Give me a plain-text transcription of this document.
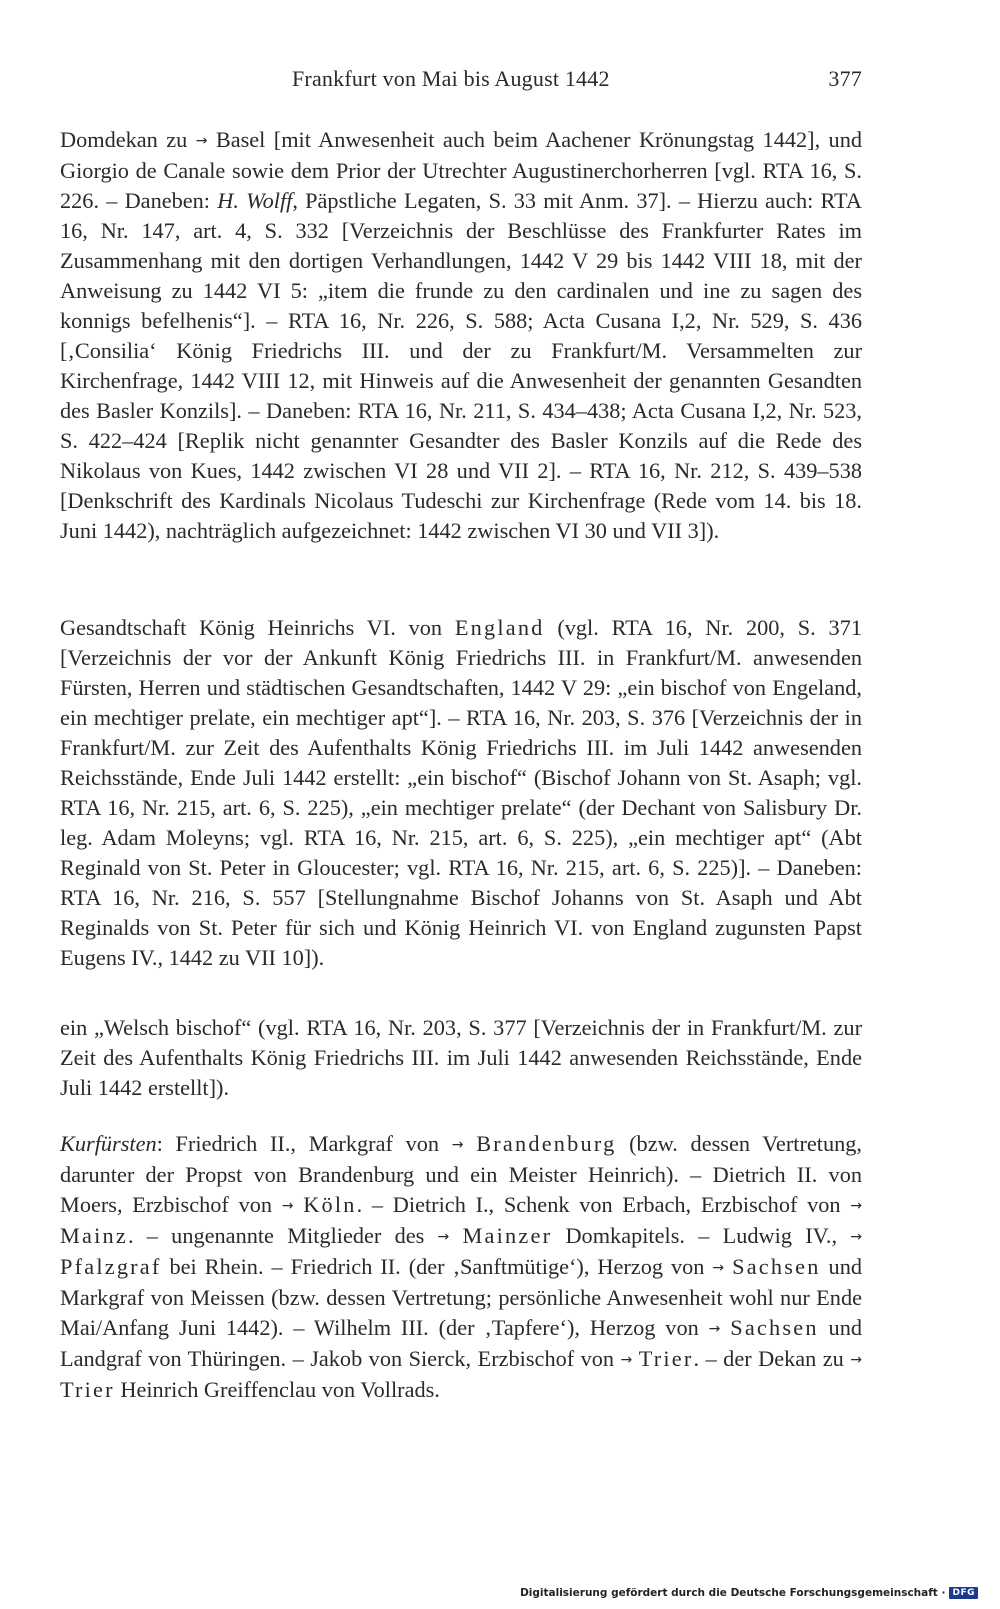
Frankfurt von Mai bis August 1442	377

Domdekan zu → Basel [mit Anwesenheit auch beim Aachener Krönungstag 1442], und Giorgio de Canale sowie dem Prior der Utrechter Augustinerchorherren [vgl. RTA 16, S. 226. – Daneben: H. Wolff, Päpstliche Legaten, S. 33 mit Anm. 37]. – Hierzu auch: RTA 16, Nr. 147, art. 4, S. 332 [Verzeichnis der Beschlüsse des Frankfurter Rates im Zusammenhang mit den dortigen Verhandlungen, 1442 V 29 bis 1442 VIII 18, mit der Anweisung zu 1442 VI 5: „item die frunde zu den cardinalen und ine zu sagen des konnigs befelhenis“]. – RTA 16, Nr. 226, S. 588; Acta Cusana I,2, Nr. 529, S. 436 [‚Consilia‘ König Friedrichs III. und der zu Frankfurt/M. Versammelten zur Kirchenfrage, 1442 VIII 12, mit Hinweis auf die Anwesenheit der genannten Gesandten des Basler Konzils]. – Daneben: RTA 16, Nr. 211, S. 434–438; Acta Cusana I,2, Nr. 523, S. 422–424 [Replik nicht genannter Gesandter des Basler Konzils auf die Rede des Nikolaus von Kues, 1442 zwischen VI 28 und VII 2]. – RTA 16, Nr. 212, S. 439–538 [Denkschrift des Kardinals Nicolaus Tudeschi zur Kirchenfrage (Rede vom 14. bis 18. Juni 1442), nachträglich aufgezeichnet: 1442 zwischen VI 30 und VII 3]).

Gesandtschaft König Heinrichs VI. von England (vgl. RTA 16, Nr. 200, S. 371 [Verzeichnis der vor der Ankunft König Friedrichs III. in Frankfurt/M. anwesenden Fürsten, Herren und städtischen Gesandtschaften, 1442 V 29: „ein bischof von Engeland, ein mechtiger prelate, ein mechtiger apt“]. – RTA 16, Nr. 203, S. 376 [Verzeichnis der in Frankfurt/M. zur Zeit des Aufenthalts König Friedrichs III. im Juli 1442 anwesenden Reichsstände, Ende Juli 1442 erstellt: „ein bischof“ (Bischof Johann von St. Asaph; vgl. RTA 16, Nr. 215, art. 6, S. 225), „ein mechtiger prelate“ (der Dechant von Salisbury Dr. leg. Adam Moleyns; vgl. RTA 16, Nr. 215, art. 6, S. 225), „ein mechtiger apt“ (Abt Reginald von St. Peter in Gloucester; vgl. RTA 16, Nr. 215, art. 6, S. 225)]. – Daneben: RTA 16, Nr. 216, S. 557 [Stellungnahme Bischof Johanns von St. Asaph und Abt Reginalds von St. Peter für sich und König Heinrich VI. von England zugunsten Papst Eugens IV., 1442 zu VII 10]).

ein „Welsch bischof“ (vgl. RTA 16, Nr. 203, S. 377 [Verzeichnis der in Frankfurt/M. zur Zeit des Aufenthalts König Friedrichs III. im Juli 1442 anwesenden Reichsstände, Ende Juli 1442 erstellt]).

Kurfürsten: Friedrich II., Markgraf von → Brandenburg (bzw. dessen Vertretung, darunter der Propst von Brandenburg und ein Meister Heinrich). – Dietrich II. von Moers, Erzbischof von → Köln. – Dietrich I., Schenk von Erbach, Erzbischof von → Mainz. – ungenannte Mitglieder des → Mainzer Domkapitels. – Ludwig IV., → Pfalzgraf bei Rhein. – Friedrich II. (der ‚Sanftmütige‘), Herzog von → Sachsen und Markgraf von Meissen (bzw. dessen Vertretung; persönliche Anwesenheit wohl nur Ende Mai/Anfang Juni 1442). – Wilhelm III. (der ‚Tapfere‘), Herzog von → Sachsen und Landgraf von Thüringen. – Jakob von Sierck, Erzbischof von → Trier. – der Dekan zu → Trier Heinrich Greiffenclau von Vollrads.

Digitalisierung gefördert durch die Deutsche Forschungsgemeinschaft · DFG
